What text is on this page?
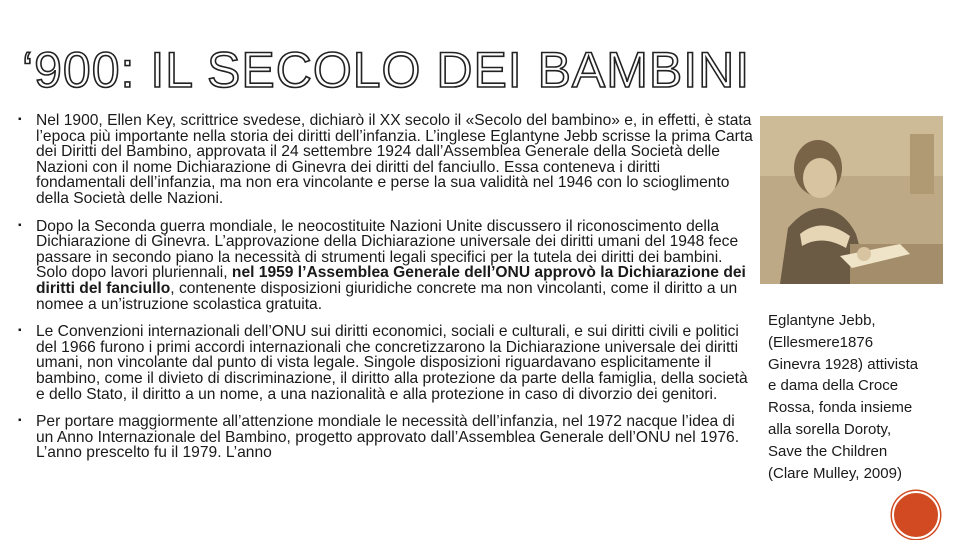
‘900: IL SECOLO DEI BAMBINI
▪ Nel 1900, Ellen Key, scrittrice svedese, dichiarò il XX secolo il «Secolo del bambino» e, in effetti, è stata l’epoca più importante nella storia dei diritti dell’infanzia. L’inglese Eglantyne Jebb scrisse la prima Carta dei Diritti del Bambino, approvata il 24 settembre 1924 dall’Assemblea Generale della Società delle Nazioni con il nome Dichiarazione di Ginevra dei diritti del fanciullo. Essa conteneva i diritti fondamentali dell’infanzia, ma non era vincolante e perse la sua validità nel 1946 con lo scioglimento della Società delle Nazioni.
▪ Dopo la Seconda guerra mondiale, le neocostituite Nazioni Unite discussero il riconoscimento della Dichiarazione di Ginevra. L’approvazione della Dichiarazione universale dei diritti umani del 1948 fece passare in secondo piano la necessità di strumenti legali specifici per la tutela dei diritti dei bambini. Solo dopo lavori pluriennali, nel 1959 l’Assemblea Generale dell’ONU approvò la Dichiarazione dei diritti del fanciullo, contenente disposizioni giuridiche concrete ma non vincolanti, come il diritto a un nomee a un’istruzione scolastica gratuita.
▪ Le Convenzioni internazionali dell’ONU sui diritti economici, sociali e culturali, e sui diritti civili e politici del 1966 furono i primi accordi internazionali che concretizzarono la Dichiarazione universale dei diritti umani, non vincolante dal punto di vista legale. Singole disposizioni riguardavano esplicitamente il bambino, come il divieto di discriminazione, il diritto alla protezione da parte della famiglia, della società e dello Stato, il diritto a un nome, a una nazionalità e alla protezione in caso di divorzio dei genitori.
▪ Per portare maggiormente all’attenzione mondiale le necessità dell’infanzia, nel 1972 nacque l’idea di un Anno Internazionale del Bambino, progetto approvato dall’Assemblea Generale dell’ONU nel 1976. L’anno prescelto fu il 1979. L’anno
Eglantyne Jebb, (Ellesmere1876 Ginevra 1928) attivista e dama della Croce Rossa, fonda insieme alla sorella Doroty, Save the Children (Clare Mulley, 2009)
